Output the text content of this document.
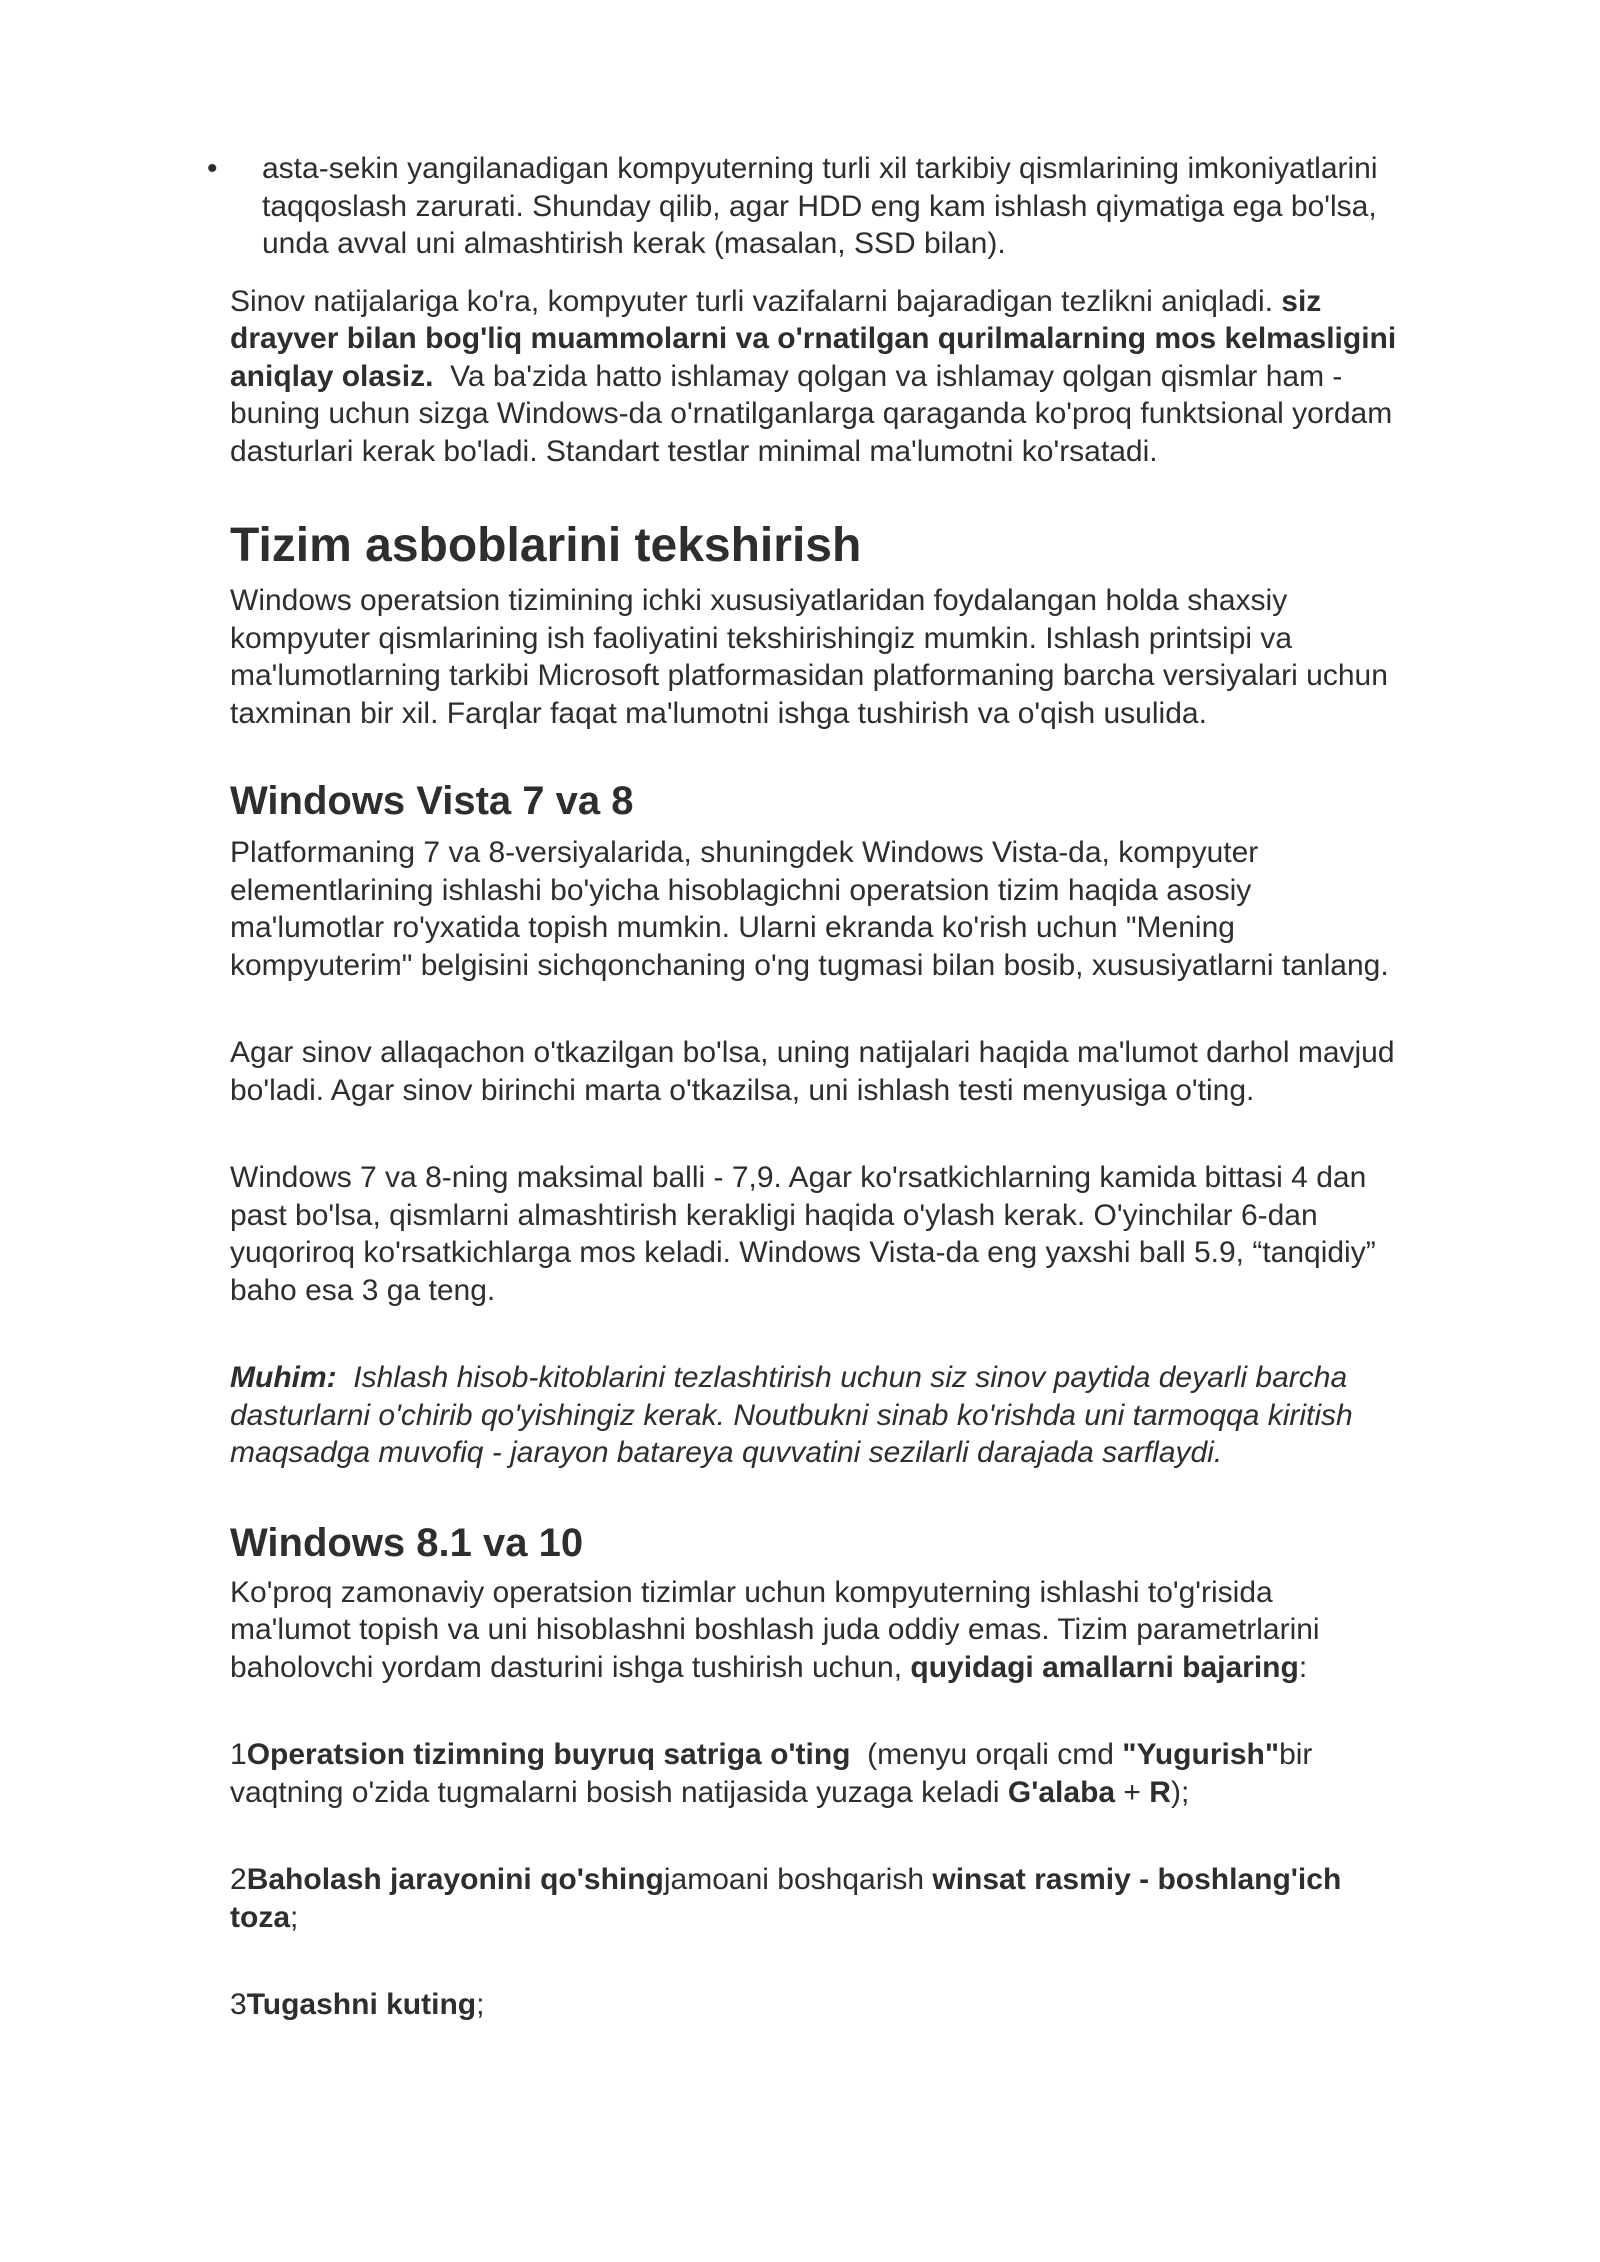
• asta-sekin yangilanadigan kompyuterning turli xil tarkibiy qismlarining imkoniyatlarini
taqqoslash zarurati. Shunday qilib, agar HDD eng kam ishlash qiymatiga ega bo'lsa,
unda avval uni almashtirish kerak (masalan, SSD bilan).

Sinov natijalariga ko'ra, kompyuter turli vazifalarni bajaradigan tezlikni aniqladi. siz
drayver bilan bog'liq muammolarni va o'rnatilgan qurilmalarning mos kelmasligini
aniqlay olasiz.  Va ba'zida hatto ishlamay qolgan va ishlamay qolgan qismlar ham -
buning uchun sizga Windows-da o'rnatilganlarga qaraganda ko'proq funktsional yordam
dasturlari kerak bo'ladi. Standart testlar minimal ma'lumotni ko'rsatadi.

Tizim asboblarini tekshirish

Windows operatsion tizimining ichki xususiyatlaridan foydalangan holda shaxsiy
kompyuter qismlarining ish faoliyatini tekshirishingiz mumkin. Ishlash printsipi va
ma'lumotlarning tarkibi Microsoft platformasidan platformaning barcha versiyalari uchun
taxminan bir xil. Farqlar faqat ma'lumotni ishga tushirish va o'qish usulida.

Windows Vista 7 va 8

Platformaning 7 va 8-versiyalarida, shuningdek Windows Vista-da, kompyuter
elementlarining ishlashi bo'yicha hisoblagichni operatsion tizim haqida asosiy
ma'lumotlar ro'yxatida topish mumkin. Ularni ekranda ko'rish uchun "Mening
kompyuterim" belgisini sichqonchaning o'ng tugmasi bilan bosib, xususiyatlarni tanlang.

Agar sinov allaqachon o'tkazilgan bo'lsa, uning natijalari haqida ma'lumot darhol mavjud
bo'ladi. Agar sinov birinchi marta o'tkazilsa, uni ishlash testi menyusiga o'ting.

Windows 7 va 8-ning maksimal balli - 7,9. Agar ko'rsatkichlarning kamida bittasi 4 dan
past bo'lsa, qismlarni almashtirish kerakligi haqida o'ylash kerak. O'yinchilar 6-dan
yuqoriroq ko'rsatkichlarga mos keladi. Windows Vista-da eng yaxshi ball 5.9, “tanqidiy”
baho esa 3 ga teng.

Muhim:  Ishlash hisob-kitoblarini tezlashtirish uchun siz sinov paytida deyarli barcha
dasturlarni o'chirib qo'yishingiz kerak. Noutbukni sinab ko'rishda uni tarmoqqa kiritish
maqsadga muvofiq - jarayon batareya quvvatini sezilarli darajada sarflaydi.

Windows 8.1 va 10

Ko'proq zamonaviy operatsion tizimlar uchun kompyuterning ishlashi to'g'risida
ma'lumot topish va uni hisoblashni boshlash juda oddiy emas. Tizim parametrlarini
baholovchi yordam dasturini ishga tushirish uchun, quyidagi amallarni bajaring:

1Operatsion tizimning buyruq satriga o'ting  (menyu orqali cmd "Yugurish"bir
vaqtning o'zida tugmalarni bosish natijasida yuzaga keladi G'alaba + R);

2Baholash jarayonini qo'shingjamoani boshqarish winsat rasmiy - boshlang'ich
toza;

3Tugashni kuting;
